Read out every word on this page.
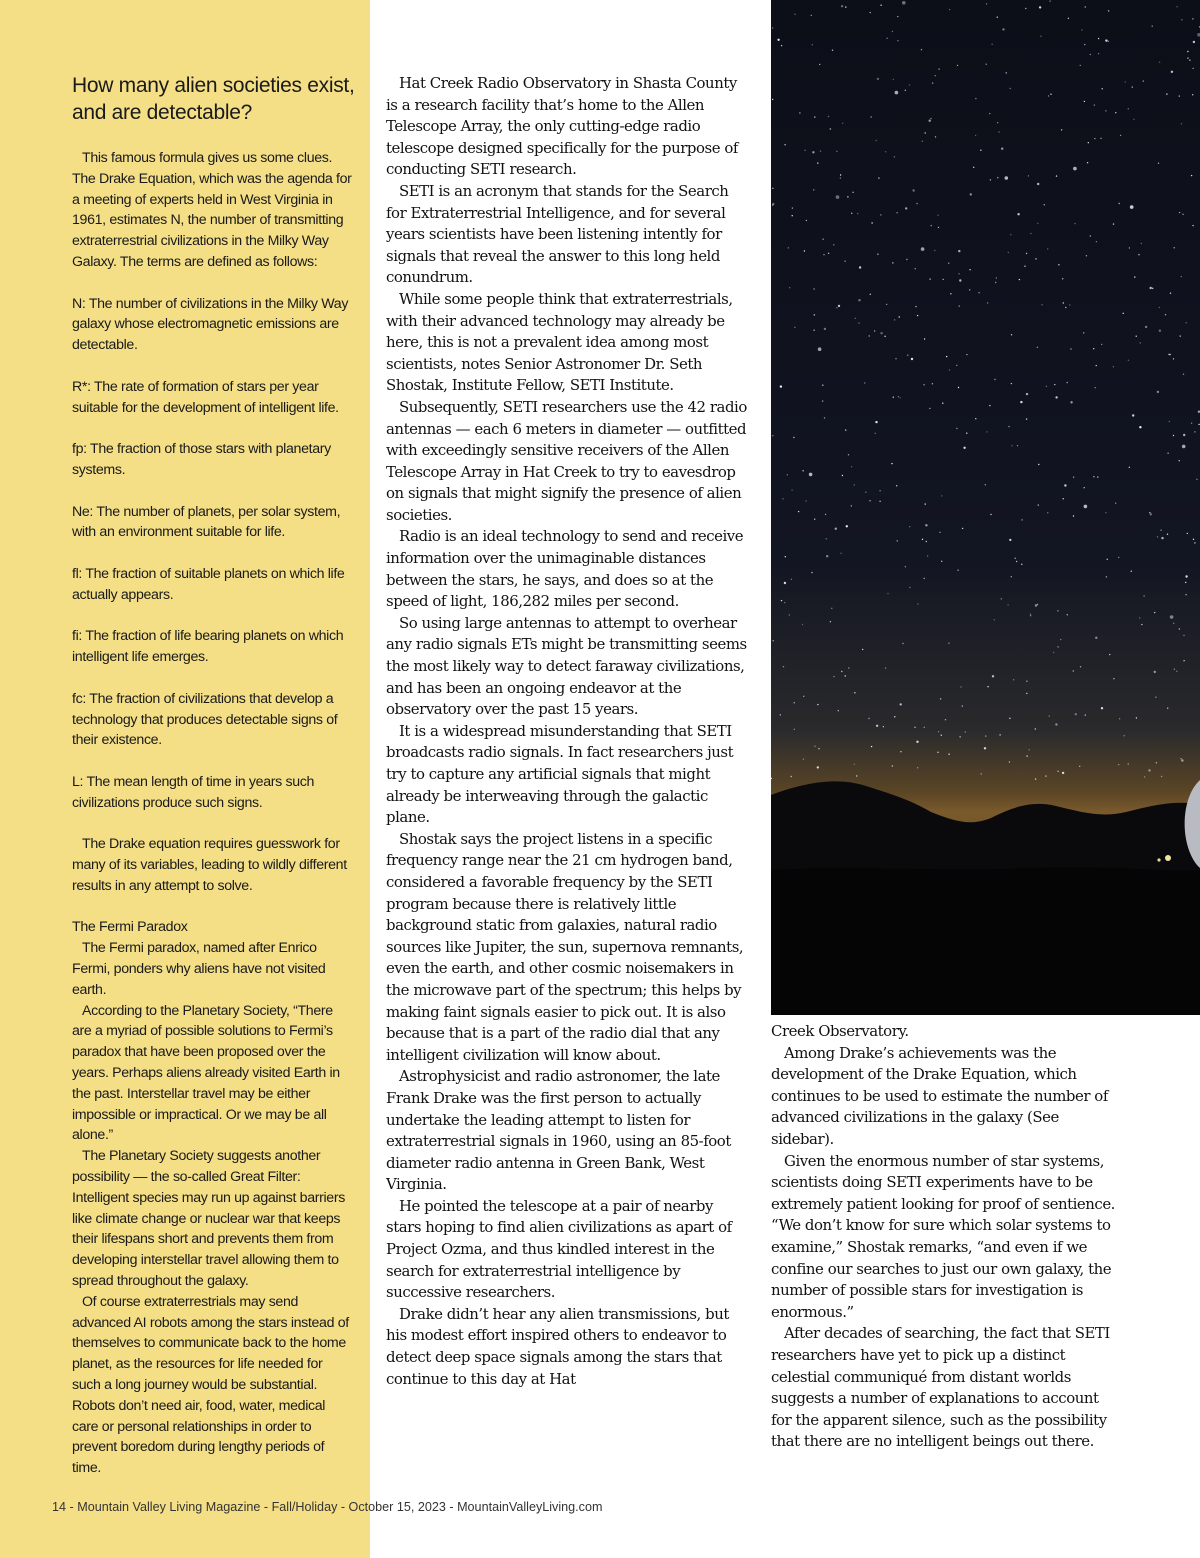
How many alien societies exist, and are detectable?

This famous formula gives us some clues. The Drake Equation, which was the agenda for a meeting of experts held in West Virginia in 1961, estimates N, the number of transmitting extraterrestrial civilizations in the Milky Way Galaxy. The terms are defined as follows:

N: The number of civilizations in the Milky Way galaxy whose electromagnetic emissions are detectable.

R*: The rate of formation of stars per year suitable for the development of intelligent life.

fp: The fraction of those stars with planetary systems.

Ne: The number of planets, per solar system, with an environment suitable for life.

fl: The fraction of suitable planets on which life actually appears.

fi: The fraction of life bearing planets on which intelligent life emerges.

fc: The fraction of civilizations that develop a technology that produces detectable signs of their existence.

L: The mean length of time in years such civilizations produce such signs.

The Drake equation requires guesswork for many of its variables, leading to wildly different results in any attempt to solve.

The Fermi Paradox

The Fermi paradox, named after Enrico Fermi, ponders why aliens have not visited earth.

According to the Planetary Society, “There are a myriad of possible solutions to Fermi’s paradox that have been proposed over the years. Perhaps aliens already visited Earth in the past. Interstellar travel may be either impossible or impractical. Or we may be all alone.”

The Planetary Society suggests another possibility — the so-called Great Filter: Intelligent species may run up against barriers like climate change or nuclear war that keeps their lifespans short and prevents them from developing interstellar travel allowing them to spread throughout the galaxy.

Of course extraterrestrials may send advanced AI robots among the stars instead of themselves to communicate back to the home planet, as the resources for life needed for such a long journey would be substantial. Robots don’t need air, food, water, medical care or personal relationships in order to prevent boredom during lengthy periods of time.

Hat Creek Radio Observatory in Shasta County is a research facility that’s home to the Allen Telescope Array, the only cutting-edge radio telescope designed specifically for the purpose of conducting SETI research.

SETI is an acronym that stands for the Search for Extraterrestrial Intelligence, and for several years scientists have been listening intently for signals that reveal the answer to this long held conundrum.

While some people think that extraterrestrials, with their advanced technology may already be here, this is not a prevalent idea among most scientists, notes Senior Astronomer Dr. Seth Shostak, Institute Fellow, SETI Institute.

Subsequently, SETI researchers use the 42 radio antennas — each 6 meters in diameter — outfitted with exceedingly sensitive receivers of the Allen Telescope Array in Hat Creek to try to eavesdrop on signals that might signify the presence of alien societies.

Radio is an ideal technology to send and receive information over the unimaginable distances between the stars, he says, and does so at the speed of light, 186,282 miles per second.

So using large antennas to attempt to overhear any radio signals ETs might be transmitting seems the most likely way to detect faraway civilizations, and has been an ongoing endeavor at the observatory over the past 15 years.

It is a widespread misunderstanding that SETI broadcasts radio signals. In fact researchers just try to capture any artificial signals that might already be interweaving through the galactic plane.

Shostak says the project listens in a specific frequency range near the 21 cm hydrogen band, considered a favorable frequency by the SETI program because there is relatively little background static from galaxies, natural radio sources like Jupiter, the sun, supernova remnants, even the earth, and other cosmic noisemakers in the microwave part of the spectrum; this helps by making faint signals easier to pick out. It is also because that is a part of the radio dial that any intelligent civilization will know about.

Astrophysicist and radio astronomer, the late Frank Drake was the first person to actually undertake the leading attempt to listen for extraterrestrial signals in 1960, using an 85-foot diameter radio antenna in Green Bank, West Virginia.

He pointed the telescope at a pair of nearby stars hoping to find alien civilizations as apart of Project Ozma, and thus kindled interest in the search for extraterrestrial intelligence by successive researchers.

Drake didn’t hear any alien transmissions, but his modest effort inspired others to endeavor to detect deep space signals among the stars that continue to this day at Hat

Creek Observatory.

Among Drake’s achievements was the development of the Drake Equation, which continues to be used to estimate the number of advanced civilizations in the galaxy (See sidebar).

Given the enormous number of star systems, scientists doing SETI experiments have to be extremely patient looking for proof of sentience. “We don’t know for sure which solar systems to examine,” Shostak remarks, “and even if we confine our searches to just our own galaxy, the number of possible stars for investigation is enormous.”

After decades of searching, the fact that SETI researchers have yet to pick up a distinct celestial communiqué from distant worlds suggests a number of explanations to account for the apparent silence, such as the possibility that there are no intelligent beings out there.

14 - Mountain Valley Living Magazine - Fall/Holiday - October 15, 2023 - MountainValleyLiving.com
